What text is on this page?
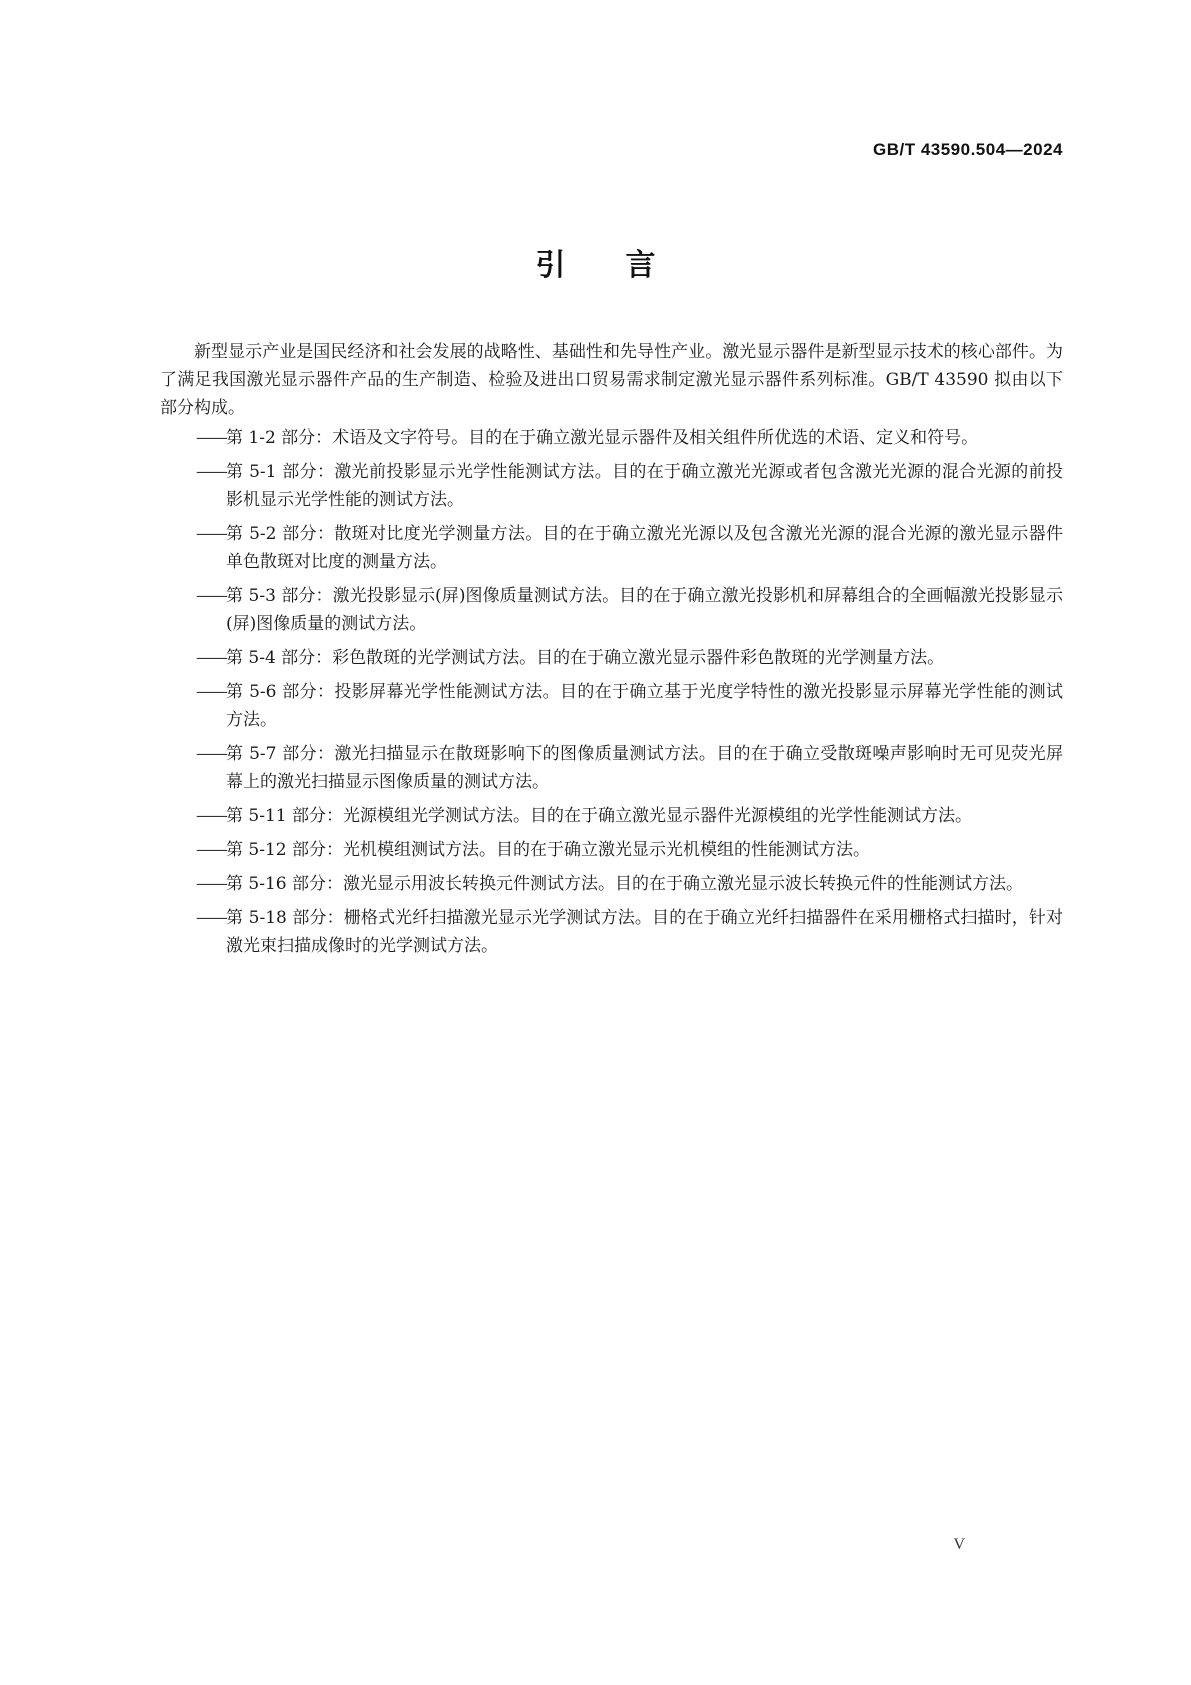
GB/T 43590.504—2024
引言

新型显示产业是国民经济和社会发展的战略性、基础性和先导性产业。激光显示器件是新型显示技术的核心部件。为了满足我国激光显示器件产品的生产制造、检验及进出口贸易需求制定激光显示器件系列标准。GB/T 43590 拟由以下部分构成。

—— 第 1-2 部分：术语及文字符号。目的在于确立激光显示器件及相关组件所优选的术语、定义和符号。
—— 第 5-1 部分：激光前投影显示光学性能测试方法。目的在于确立激光光源或者包含激光光源的混合光源的前投影机显示光学性能的测试方法。
—— 第 5-2 部分：散斑对比度光学测量方法。目的在于确立激光光源以及包含激光光源的混合光源的激光显示器件单色散斑对比度的测量方法。
—— 第 5-3 部分：激光投影显示(屏)图像质量测试方法。目的在于确立激光投影机和屏幕组合的全画幅激光投影显示(屏)图像质量的测试方法。
—— 第 5-4 部分：彩色散斑的光学测试方法。目的在于确立激光显示器件彩色散斑的光学测量方法。
—— 第 5-6 部分：投影屏幕光学性能测试方法。目的在于确立基于光度学特性的激光投影显示屏幕光学性能的测试方法。
—— 第 5-7 部分：激光扫描显示在散斑影响下的图像质量测试方法。目的在于确立受散斑噪声影响时无可见荧光屏幕上的激光扫描显示图像质量的测试方法。
—— 第 5-11 部分：光源模组光学测试方法。目的在于确立激光显示器件光源模组的光学性能测试方法。
—— 第 5-12 部分：光机模组测试方法。目的在于确立激光显示光机模组的性能测试方法。
—— 第 5-16 部分：激光显示用波长转换元件测试方法。目的在于确立激光显示波长转换元件的性能测试方法。
—— 第 5-18 部分：栅格式光纤扫描激光显示光学测试方法。目的在于确立光纤扫描器件在采用栅格式扫描时，针对激光束扫描成像时的光学测试方法。
V
